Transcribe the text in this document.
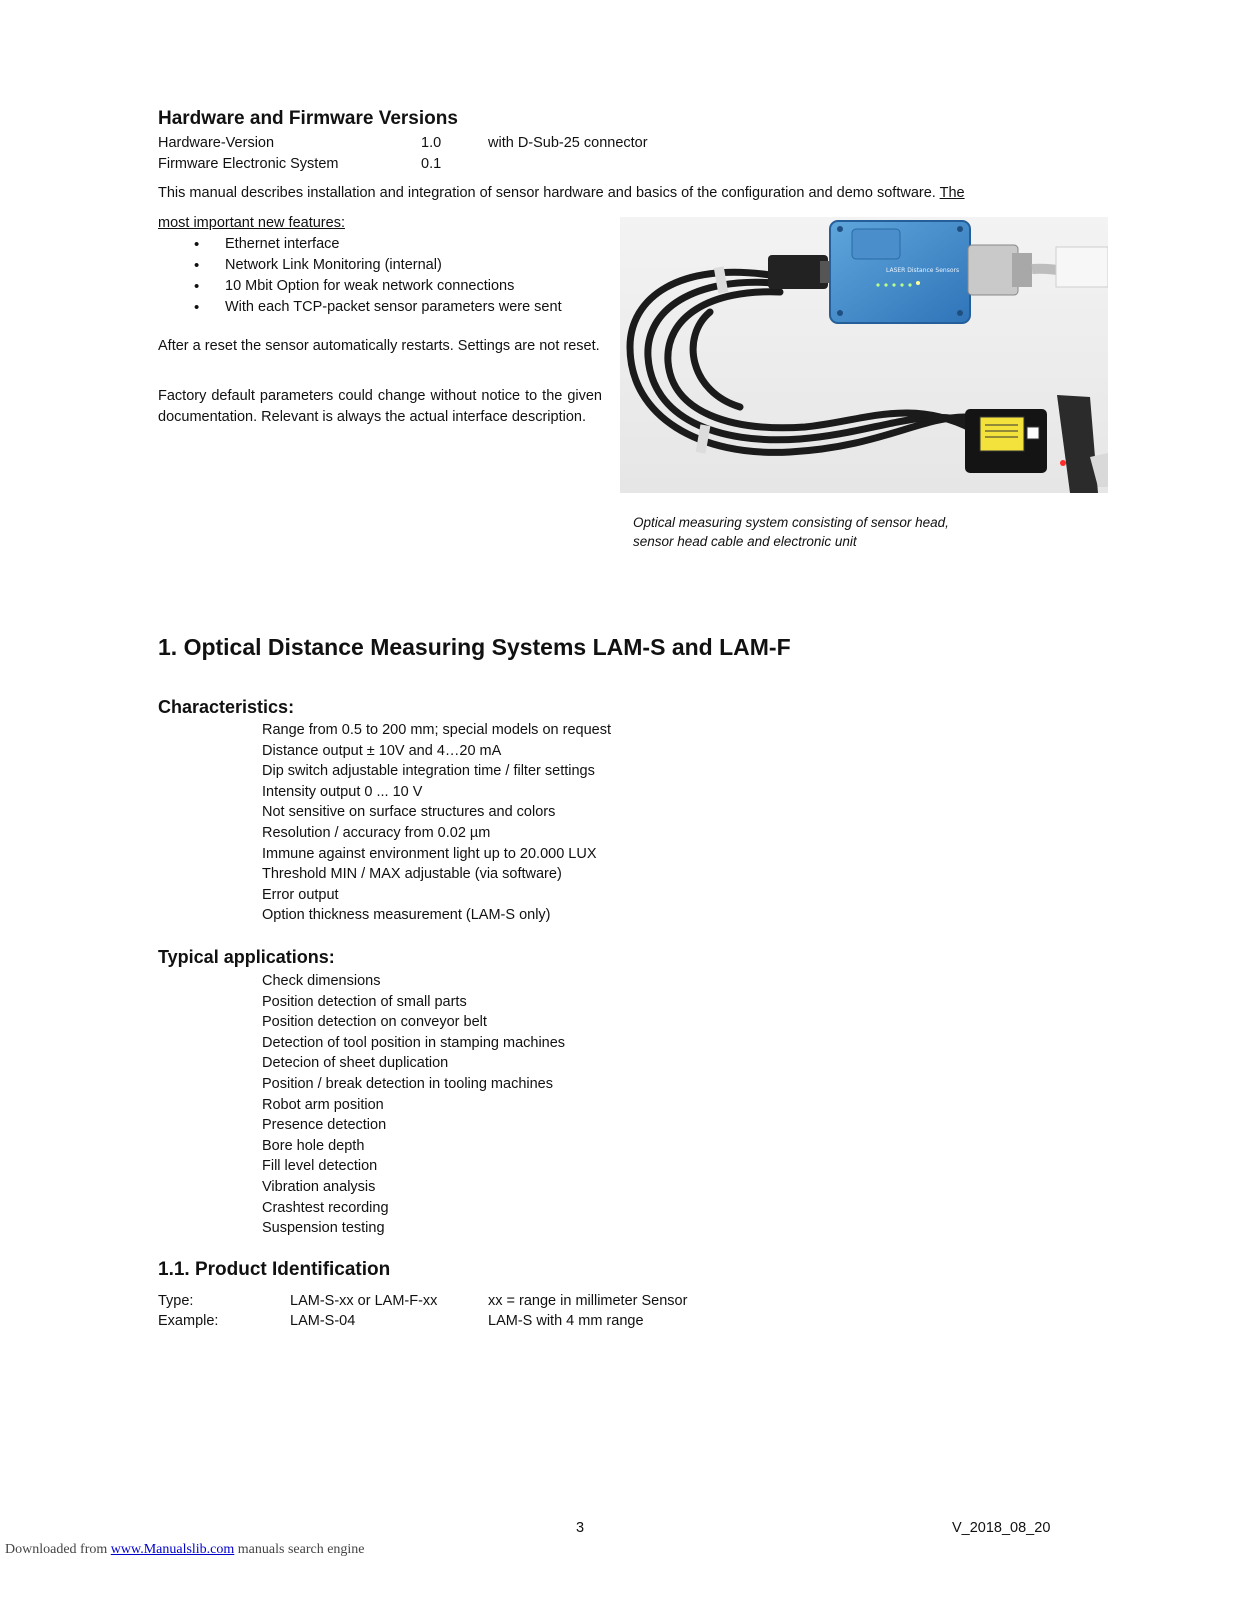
Hardware and Firmware Versions
Hardware-Version	1.0	with D-Sub-25 connector
Firmware Electronic System	0.1
This manual describes installation and integration of sensor hardware and basics of the configuration and demo software. The
most important new features:
• Ethernet interface
• Network Link Monitoring (internal)
• 10 Mbit Option for weak network connections
• With each TCP-packet sensor parameters were sent
After a reset the sensor automatically restarts. Settings are not reset.
Factory default parameters could change without notice to the given documentation. Relevant is always the actual interface description.
LASER Distance Sensors
Optical measuring system consisting of sensor head,
sensor head cable and electronic unit
1. Optical Distance Measuring Systems LAM-S and LAM-F
Characteristics:
Range from 0.5 to 200 mm; special models on request
Distance output ± 10V and 4…20 mA
Dip switch adjustable integration time / filter settings
Intensity output 0 ... 10 V
Not sensitive on surface structures and colors
Resolution / accuracy from 0.02 µm
Immune against environment light up to 20.000 LUX
Threshold MIN / MAX adjustable (via software)
Error output
Option thickness measurement (LAM-S only)
Typical applications:
Check dimensions
Position detection of small parts
Position detection on conveyor belt
Detection of tool position in stamping machines
Detecion of sheet duplication
Position / break detection in tooling machines
Robot arm position
Presence detection
Bore hole depth
Fill level detection
Vibration analysis
Crashtest recording
Suspension testing
1.1. Product Identification
Type:	LAM-S-xx or LAM-F-xx	xx = range in millimeter Sensor
Example:	LAM-S-04	LAM-S with 4 mm range
3	V_2018_08_20
Downloaded from www.Manualslib.com manuals search engine
